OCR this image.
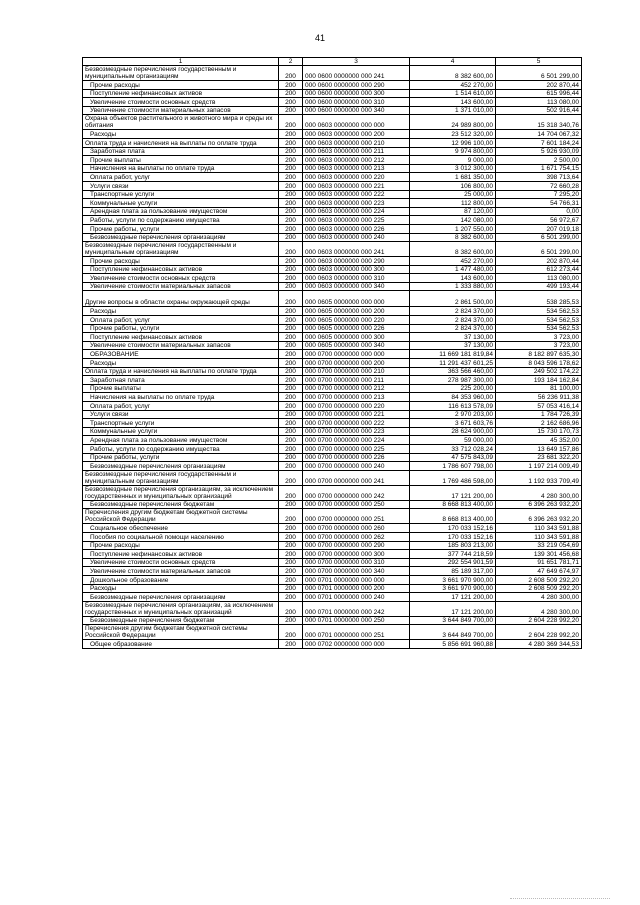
41
1	2	3	4	5
Безвозмездные перечисления государственным и муниципальным организациям	200	000 0600 0000000 000 241	8 382 600,00	6 501 299,00
Прочие расходы	200	000 0600 0000000 000 290	452 270,00	202 870,44
Поступление нефинансовых активов	200	000 0600 0000000 000 300	1 514 610,00	615 996,44
Увеличение стоимости основных средств	200	000 0600 0000000 000 310	143 600,00	113 080,00
Увеличение стоимости материальных запасов	200	000 0600 0000000 000 340	1 371 010,00	502 916,44
Охрана объектов растительного и животного мира и среды их обитания	200	000 0603 0000000 000 000	24 989 800,00	15 318 340,76
Расходы	200	000 0603 0000000 000 200	23 512 320,00	14 704 067,32
Оплата труда и начисления на выплаты по оплате труда	200	000 0603 0000000 000 210	12 996 100,00	7 601 184,24
Заработная плата	200	000 0603 0000000 000 211	9 974 800,00	5 926 930,09
Прочие выплаты	200	000 0603 0000000 000 212	9 000,00	2 500,00
Начисления на выплаты по оплате труда	200	000 0603 0000000 000 213	3 012 300,00	1 671 754,15
Оплата работ, услуг	200	000 0603 0000000 000 220	1 681 350,00	398 713,64
Услуги связи	200	000 0603 0000000 000 221	106 800,00	72 660,28
Транспортные услуги	200	000 0603 0000000 000 222	25 000,00	7 295,20
Коммунальные услуги	200	000 0603 0000000 000 223	112 800,00	54 766,31
Арендная плата за пользование имуществом	200	000 0603 0000000 000 224	87 120,00	0,00
Работы, услуги по содержанию имущества	200	000 0603 0000000 000 225	142 080,00	56 972,67
Прочие работы, услуги	200	000 0603 0000000 000 226	1 207 550,00	207 019,18
Безвозмездные перечисления организациям	200	000 0603 0000000 000 240	8 382 600,00	6 501 299,00
Безвозмездные перечисления государственным и муниципальным организациям	200	000 0603 0000000 000 241	8 382 600,00	6 501 299,00
Прочие расходы	200	000 0603 0000000 000 290	452 270,00	202 870,44
Поступление нефинансовых активов	200	000 0603 0000000 000 300	1 477 480,00	612 273,44
Увеличение стоимости основных средств	200	000 0603 0000000 000 310	143 600,00	113 080,00
Увеличение стоимости материальных запасов	200	000 0603 0000000 000 340	1 333 880,00	499 193,44
Другие вопросы в области охраны окружающей среды	200	000 0605 0000000 000 000	2 861 500,00	538 285,53
Расходы	200	000 0605 0000000 000 200	2 824 370,00	534 562,53
Оплата работ, услуг	200	000 0605 0000000 000 220	2 824 370,00	534 562,53
Прочие работы, услуги	200	000 0605 0000000 000 226	2 824 370,00	534 562,53
Поступление нефинансовых активов	200	000 0605 0000000 000 300	37 130,00	3 723,00
Увеличение стоимости материальных запасов	200	000 0605 0000000 000 340	37 130,00	3 723,00
ОБРАЗОВАНИЕ	200	000 0700 0000000 000 000	11 669 181 819,84	8 182 897 635,30
Расходы	200	000 0700 0000000 000 200	11 291 437 601,25	8 043 596 178,62
Оплата труда и начисления на выплаты по оплате труда	200	000 0700 0000000 000 210	363 566 460,00	249 502 174,22
Заработная плата	200	000 0700 0000000 000 211	278 987 300,00	193 184 162,84
Прочие выплаты	200	000 0700 0000000 000 212	225 200,00	81 100,00
Начисления на выплаты по оплате труда	200	000 0700 0000000 000 213	84 353 960,00	56 236 911,38
Оплата работ, услуг	200	000 0700 0000000 000 220	116 613 578,09	57 053 416,14
Услуги связи	200	000 0700 0000000 000 221	2 970 203,00	1 784 726,39
Транспортные услуги	200	000 0700 0000000 000 222	3 671 603,76	2 162 686,96
Коммунальные услуги	200	000 0700 0000000 000 223	28 624 900,00	15 730 170,73
Арендная плата за пользование имуществом	200	000 0700 0000000 000 224	59 000,00	45 352,00
Работы, услуги по содержанию имущества	200	000 0700 0000000 000 225	33 712 028,24	13 649 157,86
Прочие работы, услуги	200	000 0700 0000000 000 226	47 575 843,09	23 681 322,20
Безвозмездные перечисления организациям	200	000 0700 0000000 000 240	1 786 607 798,00	1 197 214 009,49
Безвозмездные перечисления государственным и муниципальным организациям	200	000 0700 0000000 000 241	1 769 486 598,00	1 192 933 709,49
Безвозмездные перечисления организациям, за исключением государственных и муниципальных организаций	200	000 0700 0000000 000 242	17 121 200,00	4 280 300,00
Безвозмездные перечисления бюджетам	200	000 0700 0000000 000 250	8 668 813 400,00	6 396 263 932,20
Перечисления другим бюджетам бюджетной системы Российской Федерации	200	000 0700 0000000 000 251	8 668 813 400,00	6 396 263 932,20
Социальное обеспечение	200	000 0700 0000000 000 260	170 033 152,16	110 343 591,88
Пособия по социальной помощи населению	200	000 0700 0000000 000 262	170 033 152,16	110 343 591,88
Прочие расходы	200	000 0700 0000000 000 290	185 803 213,00	33 219 054,69
Поступление нефинансовых активов	200	000 0700 0000000 000 300	377 744 218,59	139 301 456,68
Увеличение стоимости основных средств	200	000 0700 0000000 000 310	292 554 901,59	91 651 781,71
Увеличение стоимости материальных запасов	200	000 0700 0000000 000 340	85 189 317,00	47 649 674,97
Дошкольное образование	200	000 0701 0000000 000 000	3 661 970 900,00	2 608 509 292,20
Расходы	200	000 0701 0000000 000 200	3 661 970 900,00	2 608 509 292,20
Безвозмездные перечисления организациям	200	000 0701 0000000 000 240	17 121 200,00	4 280 300,00
Безвозмездные перечисления организациям, за исключением государственных и муниципальных организаций	200	000 0701 0000000 000 242	17 121 200,00	4 280 300,00
Безвозмездные перечисления бюджетам	200	000 0701 0000000 000 250	3 644 849 700,00	2 604 228 992,20
Перечисления другим бюджетам бюджетной системы Российской Федерации	200	000 0701 0000000 000 251	3 644 849 700,00	2 604 228 992,20
Общее образование	200	000 0702 0000000 000 000	5 856 691 960,88	4 280 369 344,53
